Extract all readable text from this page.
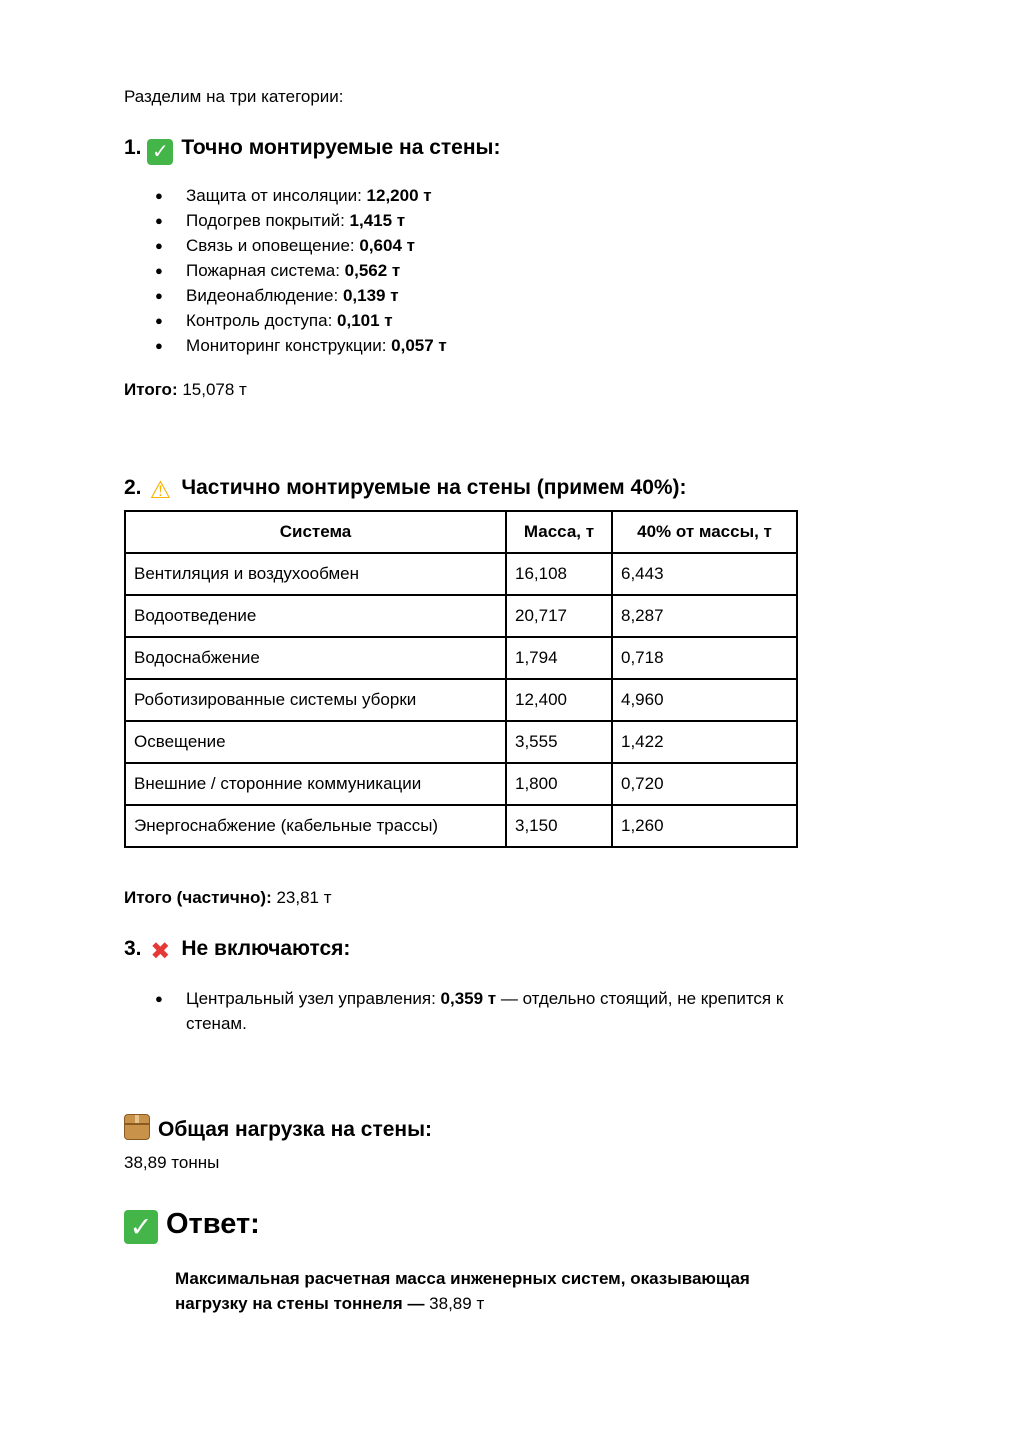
Разделим на три категории:

1. ✓ Точно монтируемые на стены:
● Защита от инсоляции: 12,200 т
● Подогрев покрытий: 1,415 т
● Связь и оповещение: 0,604 т
● Пожарная система: 0,562 т
● Видеонаблюдение: 0,139 т
● Контроль доступа: 0,101 т
● Мониторинг конструкции: 0,057 т

Итого: 15,078 т

2. ⚠ Частично монтируемые на стены (примем 40%):
Система	Масса, т	40% от массы, т
Вентиляция и воздухообмен	16,108	6,443
Водоотведение	20,717	8,287
Водоснабжение	1,794	0,718
Роботизированные системы уборки	12,400	4,960
Освещение	3,555	1,422
Внешние / сторонние коммуникации	1,800	0,720
Энергоснабжение (кабельные трассы)	3,150	1,260

Итого (частично): 23,81 т

3. ✖ Не включаются:
● Центральный узел управления: 0,359 т — отдельно стоящий, не крепится к

стенам.

Общая нагрузка на стены:

38,89 тонны

✓ Ответ:
Максимальная расчетная масса инженерных систем, оказывающая
нагрузку на стены тоннеля — 38,89 т
